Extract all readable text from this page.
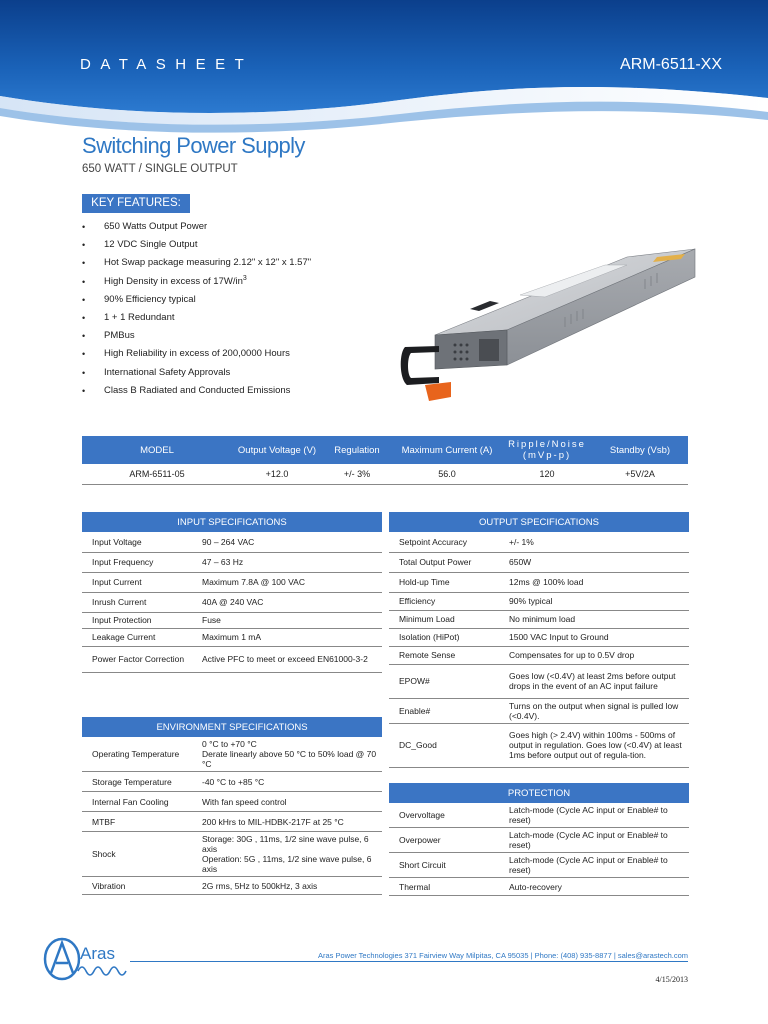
DATASHEET	ARM-6511-XX
Switching Power Supply
650 WATT / SINGLE OUTPUT
KEY FEATURES:
• 650 Watts Output Power
• 12 VDC Single Output
• Hot Swap package measuring 2.12" x 12" x 1.57"
• High Density in excess of $17W/in^3$
• 90% Efficiency typical
• 1 + 1 Redundant
• PMBus
• High Reliability in excess of 200,0000 Hours
• International Safety Approvals
• Class B Radiated and Conducted Emissions
MODEL	Output Voltage (V)	Regulation	Maximum Current (A)	Ripple/Noise (mVp-p)	Standby (Vsb)
ARM-6511-05	+12.0	+/- 3%	56.0	120	+5V/2A
INPUT SPECIFICATIONS	
Input Voltage	90 – 264 VAC
Input Frequency	47 – 63 Hz
Input Current	Maximum 7.8A @ 100 VAC
Inrush Current	40A @ 240 VAC
Input Protection	Fuse
Leakage Current	Maximum 1 mA
Power Factor Correction	Active PFC to meet or exceed EN61000-3-2
ENVIRONMENT SPECIFICATIONS	
Operating Temperature	0 °C to +70 °C
Derate linearly above 50 °C to 50% load @ 70 °C

Storage Temperature	-40 °C to +85 °C
Internal Fan Cooling	With fan speed control
MTBF	200 kHrs to MIL-HDBK-217F at 25 °C
Shock	Storage: 30G , 11ms, 1/2 sine wave pulse, 6 axis
Operation: 5G , 11ms, 1/2 sine wave pulse, 6 axis

Vibration	2G rms, 5Hz to 500kHz, 3 axis
OUTPUT SPECIFICATIONS	
Setpoint Accuracy	+/- 1%
Total Output Power	650W
Hold-up Time	12ms @ 100% load
Efficiency	90% typical
Minimum Load	No minimum load
Isolation (HiPot)	1500 VAC Input to Ground
Remote Sense	Compensates for up to 0.5V drop
EPOW#	Goes low (<0.4V) at least 2ms before output drops in the event of an AC input failure
Enable#	Turns on the output when signal is pulled low (<0.4V).
DC_Good	Goes high (> 2.4V) within 100ms - 500ms of output in regulation. Goes low (<0.4V) at least 1ms before output out of regula-tion.
PROTECTION	
Overvoltage	Latch-mode (Cycle AC input or Enable# to reset)
Overpower	Latch-mode (Cycle AC input or Enable# to reset)
Short Circuit	Latch-mode (Cycle AC input or Enable# to reset)
Thermal	Auto-recovery
Aras	Aras Power Technologies 371 Fairview Way Milpitas, CA 95035 | Phone: (408) 935-8877 | sales@arastech.com
4/15/2013
